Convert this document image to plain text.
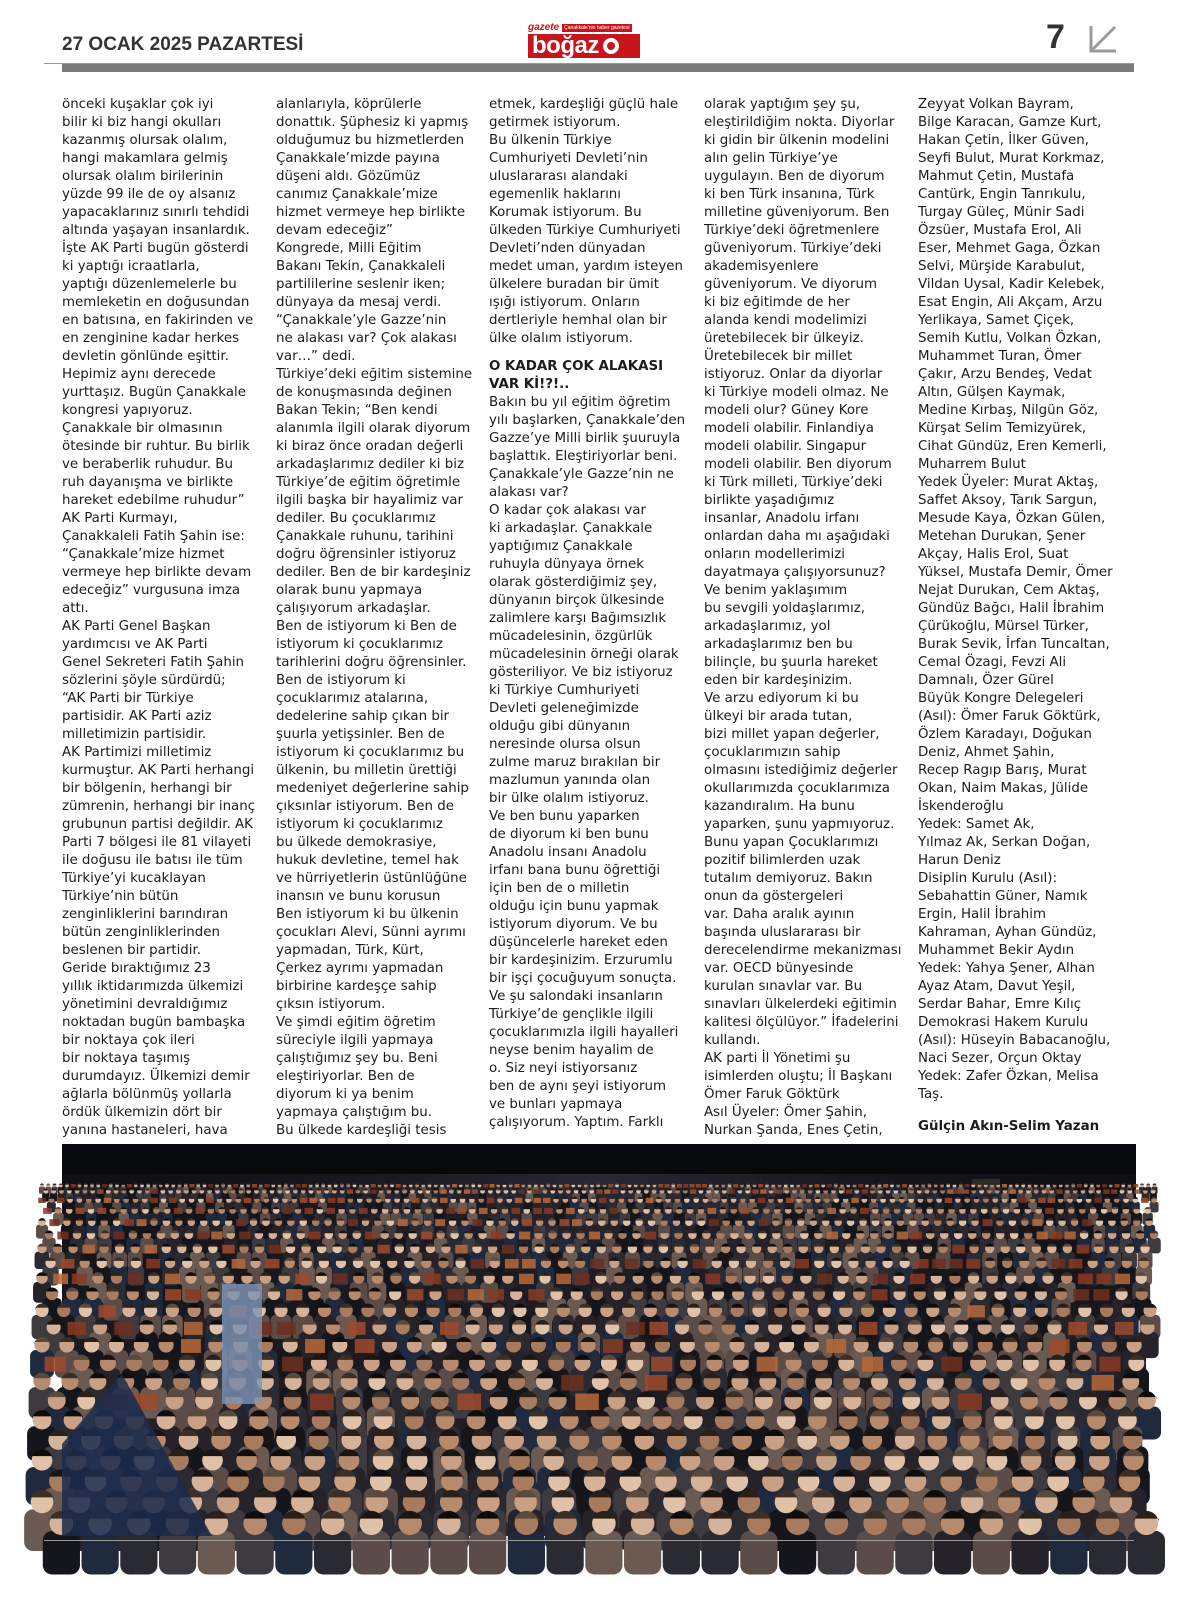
27 OCAK 2025 PAZARTESİ
gazete	Çanakkale'nin haber gazetesi
boğaz	7

önceki kuşaklar çok iyi
bilir ki biz hangi okulları
kazanmış olursak olalım,
hangi makamlara gelmiş
olursak olalım birilerinin
yüzde 99 ile de oy alsanız
yapacaklarınız sınırlı tehdidi
altında yaşayan insanlardık.
İşte AK Parti bugün gösterdi
ki yaptığı icraatlarla,
yaptığı düzenlemelerle bu
memleketin en doğusundan
en batısına, en fakirinden ve
en zenginine kadar herkes
devletin gönlünde eşittir.
Hepimiz aynı derecede
yurttaşız. Bugün Çanakkale
kongresi yapıyoruz.
Çanakkale bir olmasının
ötesinde bir ruhtur. Bu birlik
ve beraberlik ruhudur. Bu
ruh dayanışma ve birlikte
hareket edebilme ruhudur”
AK Parti Kurmayı,
Çanakkaleli Fatih Şahin ise:
“Çanakkale’mize hizmet
vermeye hep birlikte devam
edeceğiz” vurgusuna imza
attı.
AK Parti Genel Başkan
yardımcısı ve AK Parti
Genel Sekreteri Fatih Şahin
sözlerini şöyle sürdürdü;
“AK Parti bir Türkiye
partisidir. AK Parti aziz
milletimizin partisidir.
AK Partimizi milletimiz
kurmuştur. AK Parti herhangi
bir bölgenin, herhangi bir
zümrenin, herhangi bir inanç
grubunun partisi değildir. AK
Parti 7 bölgesi ile 81 vilayeti
ile doğusu ile batısı ile tüm
Türkiye’yi kucaklayan
Türkiye’nin bütün
zenginliklerini barındıran
bütün zenginliklerinden
beslenen bir partidir.
Geride bıraktığımız 23
yıllık iktidarımızda ülkemizi
yönetimini devraldığımız
noktadan bugün bambaşka
bir noktaya çok ileri
bir noktaya taşımış
durumdayız. Ülkemizi demir
ağlarla bölünmüş yollarla
ördük ülkemizin dört bir
yanına hastaneleri, hava

alanlarıyla, köprülerle
donattık. Şüphesiz ki yapmış
olduğumuz bu hizmetlerden
Çanakkale’mizde payına
düşeni aldı. Gözümüz
canımız Çanakkale’mize
hizmet vermeye hep birlikte
devam edeceğiz”
Kongrede, Milli Eğitim
Bakanı Tekin, Çanakkaleli
partililerine seslenir iken;
dünyaya da mesaj verdi.
“Çanakkale’yle Gazze’nin
ne alakası var? Çok alakası
var…” dedi.
Türkiye’deki eğitim sistemine
de konuşmasında değinen
Bakan Tekin; “Ben kendi
alanımla ilgili olarak diyorum
ki biraz önce oradan değerli
arkadaşlarımız dediler ki biz
Türkiye’de eğitim öğretimle
ilgili başka bir hayalimiz var
dediler. Bu çocuklarımız
Çanakkale ruhunu, tarihini
doğru öğrensinler istiyoruz
dediler. Ben de bir kardeşiniz
olarak bunu yapmaya
çalışıyorum arkadaşlar.
Ben de istiyorum ki Ben de
istiyorum ki çocuklarımız
tarihlerini doğru öğrensinler.
Ben de istiyorum ki
çocuklarımız atalarına,
dedelerine sahip çıkan bir
şuurla yetişsinler. Ben de
istiyorum ki çocuklarımız bu
ülkenin, bu milletin ürettiği
medeniyet değerlerine sahip
çıksınlar istiyorum. Ben de
istiyorum ki çocuklarımız
bu ülkede demokrasiye,
hukuk devletine, temel hak
ve hürriyetlerin üstünlüğüne
inansın ve bunu korusun
Ben istiyorum ki bu ülkenin
çocukları Alevi, Sünni ayrımı
yapmadan, Türk, Kürt,
Çerkez ayrımı yapmadan
birbirine kardeşçe sahip
çıksın istiyorum.
Ve şimdi eğitim öğretim
süreciyle ilgili yapmaya
çalıştığımız şey bu. Beni
eleştiriyorlar. Ben de
diyorum ki ya benim
yapmaya çalıştığım bu.
Bu ülkede kardeşliği tesis

etmek, kardeşliği güçlü hale
getirmek istiyorum.
Bu ülkenin Türkiye
Cumhuriyeti Devleti’nin
uluslararası alandaki
egemenlik haklarını
Korumak istiyorum. Bu
ülkeden Türkiye Cumhuriyeti
Devleti’nden dünyadan
medet uman, yardım isteyen
ülkelere buradan bir ümit
ışığı istiyorum. Onların
dertleriyle hemhal olan bir
ülke olalım istiyorum.

O KADAR ÇOK ALAKASI
VAR Kİ!?!..

Bakın bu yıl eğitim öğretim
yılı başlarken, Çanakkale’den
Gazze’ye Milli birlik şuuruyla
başlattık. Eleştiriyorlar beni.
Çanakkale’yle Gazze’nin ne
alakası var?
O kadar çok alakası var
ki arkadaşlar. Çanakkale
yaptığımız Çanakkale
ruhuyla dünyaya örnek
olarak gösterdiğimiz şey,
dünyanın birçok ülkesinde
zalimlere karşı Bağımsızlık
mücadelesinin, özgürlük
mücadelesinin örneği olarak
gösteriliyor. Ve biz istiyoruz
ki Türkiye Cumhuriyeti
Devleti geleneğimizde
olduğu gibi dünyanın
neresinde olursa olsun
zulme maruz bırakılan bir
mazlumun yanında olan
bir ülke olalım istiyoruz.
Ve ben bunu yaparken
de diyorum ki ben bunu
Anadolu insanı Anadolu
irfanı bana bunu öğrettiği
için ben de o milletin
olduğu için bunu yapmak
istiyorum diyorum. Ve bu
düşüncelerle hareket eden
bir kardeşinizim. Erzurumlu
bir işçi çocuğuyum sonuçta.
Ve şu salondaki insanların
Türkiye’de gençlikle ilgili
çocuklarımızla ilgili hayalleri
neyse benim hayalim de
o. Siz neyi istiyorsanız
ben de aynı şeyi istiyorum
ve bunları yapmaya
çalışıyorum. Yaptım. Farklı

olarak yaptığım şey şu,
eleştirildiğim nokta. Diyorlar
ki gidin bir ülkenin modelini
alın gelin Türkiye’ye
uygulayın. Ben de diyorum
ki ben Türk insanına, Türk
milletine güveniyorum. Ben
Türkiye’deki öğretmenlere
güveniyorum. Türkiye’deki
akademisyenlere
güveniyorum. Ve diyorum
ki biz eğitimde de her
alanda kendi modelimizi
üretebilecek bir ülkeyiz.
Üretebilecek bir millet
istiyoruz. Onlar da diyorlar
ki Türkiye modeli olmaz. Ne
modeli olur? Güney Kore
modeli olabilir. Finlandiya
modeli olabilir. Singapur
modeli olabilir. Ben diyorum
ki Türk milleti, Türkiye’deki
birlikte yaşadığımız
insanlar, Anadolu irfanı
onlardan daha mı aşağıdaki
onların modellerimizi
dayatmaya çalışıyorsunuz?
Ve benim yaklaşımım
bu sevgili yoldaşlarımız,
arkadaşlarımız, yol
arkadaşlarımız ben bu
bilinçle, bu şuurla hareket
eden bir kardeşinizim.
Ve arzu ediyorum ki bu
ülkeyi bir arada tutan,
bizi millet yapan değerler,
çocuklarımızın sahip
olmasını istediğimiz değerler
okullarımızda çocuklarımıza
kazandıralım. Ha bunu
yaparken, şunu yapmıyoruz.
Bunu yapan Çocuklarımızı
pozitif bilimlerden uzak
tutalım demiyoruz. Bakın
onun da göstergeleri
var. Daha aralık ayının
başında uluslararası bir
derecelendirme mekanizması
var. OECD bünyesinde
kurulan sınavlar var. Bu
sınavları ülkelerdeki eğitimin
kalitesi ölçülüyor.” İfadelerini
kullandı.
AK parti İl Yönetimi şu
isimlerden oluştu; İl Başkanı
Ömer Faruk Göktürk
Asıl Üyeler: Ömer Şahin,
Nurkan Şanda, Enes Çetin,

Zeyyat Volkan Bayram,
Bilge Karacan, Gamze Kurt,
Hakan Çetin, İlker Güven,
Seyfi Bulut, Murat Korkmaz,
Mahmut Çetin, Mustafa
Cantürk, Engin Tanrıkulu,
Turgay Güleç, Münir Sadi
Özsüer, Mustafa Erol, Ali
Eser, Mehmet Gaga, Özkan
Selvi, Mürşide Karabulut,
Vildan Uysal, Kadir Kelebek,
Esat Engin, Ali Akçam, Arzu
Yerlikaya, Samet Çiçek,
Semih Kutlu, Volkan Özkan,
Muhammet Turan, Ömer
Çakır, Arzu Bendeş, Vedat
Altın, Gülşen Kaymak,
Medine Kırbaş, Nilgün Göz,
Kürşat Selim Temizyürek,
Cihat Gündüz, Eren Kemerli,
Muharrem Bulut
Yedek Üyeler: Murat Aktaş,
Saffet Aksoy, Tarık Sargun,
Mesude Kaya, Özkan Gülen,
Metehan Durukan, Şener
Akçay, Halis Erol, Suat
Yüksel, Mustafa Demir, Ömer
Nejat Durukan, Cem Aktaş,
Gündüz Bağcı, Halil İbrahim
Çürükoğlu, Mürsel Türker,
Burak Sevik, İrfan Tuncaltan,
Cemal Özagi, Fevzi Ali
Damnalı, Özer Gürel
Büyük Kongre Delegeleri
(Asıl): Ömer Faruk Göktürk,
Özlem Karadayı, Doğukan
Deniz, Ahmet Şahin,
Recep Ragıp Barış, Murat
Okan, Naim Makas, Jülide
İskenderoğlu
Yedek: Samet Ak,
Yılmaz Ak, Serkan Doğan,
Harun Deniz
Disiplin Kurulu (Asıl):
Sebahattin Güner, Namık
Ergin, Halil İbrahim
Kahraman, Ayhan Gündüz,
Muhammet Bekir Aydın
Yedek: Yahya Şener, Alhan
Ayaz Atam, Davut Yeşil,
Serdar Bahar, Emre Kılıç
Demokrasi Hakem Kurulu
(Asıl): Hüseyin Babacanoğlu,
Naci Sezer, Orçun Oktay
Yedek: Zafer Özkan, Melisa
Taş.

Gülçin Akın-Selim Yazan
